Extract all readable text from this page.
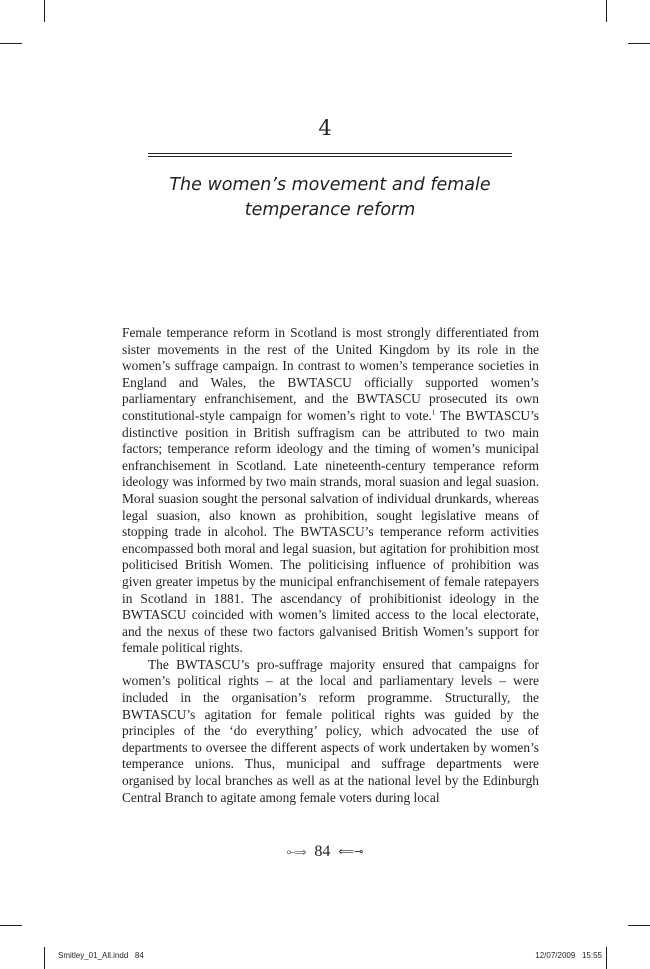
4
The women’s movement and female
temperance reform

Female temperance reform in Scotland is most strongly differentiated from sister movements in the rest of the United Kingdom by its role in the women’s suffrage campaign. In contrast to women’s temperance societies in England and Wales, the BWTASCU officially supported women’s parliamentary enfranchisement, and the BWTASCU prosecuted its own constitutional-style campaign for women’s right to vote.$^1$ The BWTASCU’s distinctive position in British suffragism can be attributed to two main factors; temperance reform ideology and the timing of women’s municipal enfranchisement in Scotland. Late nineteenth-century temperance reform ideology was informed by two main strands, moral suasion and legal suasion. Moral suasion sought the personal salvation of individual drunkards, whereas legal suasion, also known as prohibition, sought legislative means of stopping trade in alcohol. The BWTASCU’s temperance reform activities encompassed both moral and legal suasion, but agitation for prohibition most politicised British Women. The politicising influence of prohibition was given greater impetus by the municipal enfranchisement of female ratepayers in Scotland in 1881. The ascendancy of prohibitionist ideology in the BWTASCU coincided with women’s limited access to the local electorate, and the nexus of these two factors galvanised British Women’s support for female political rights.

The BWTASCU’s pro-suffrage majority ensured that campaigns for women’s political rights – at the local and parliamentary levels – were included in the organisation’s reform programme. Structurally, the BWTASCU’s agitation for female political rights was guided by the principles of the ‘do everything’ policy, which advocated the use of departments to oversee the different aspects of work undertaken by women’s temperance unions. Thus, municipal and suffrage departments were organised by local branches as well as at the national level by the Edinburgh Central Branch to agitate among female voters during local

⟜⟹ 84 ⟸⊸
Smitley_01_All.indd   84	12/07/2009   15:55
